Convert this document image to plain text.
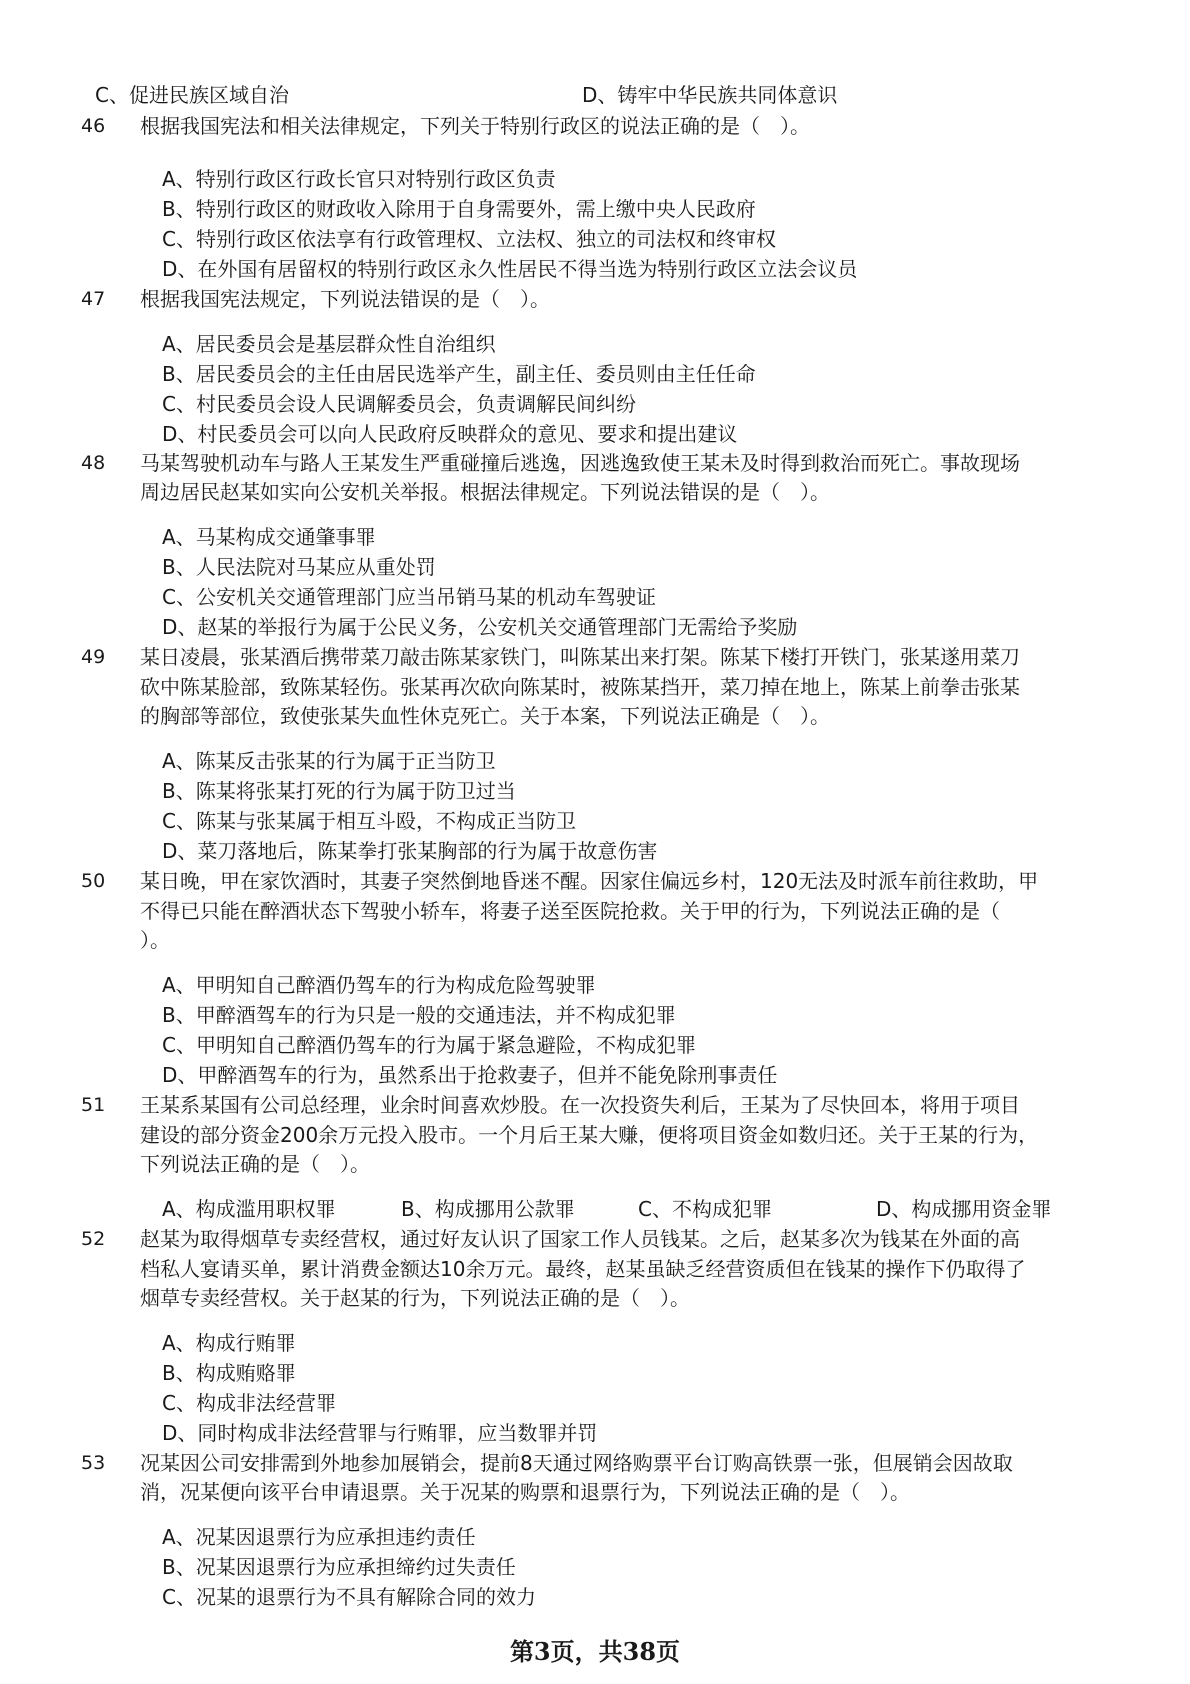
C、促进民族区域自治	D、铸牢中华民族共同体意识
46 根据我国宪法和相关法律规定，下列关于特别行政区的说法正确的是（　）。
A、特别行政区行政长官只对特别行政区负责
B、特别行政区的财政收入除用于自身需要外，需上缴中央人民政府
C、特别行政区依法享有行政管理权、立法权、独立的司法权和终审权
D、在外国有居留权的特别行政区永久性居民不得当选为特别行政区立法会议员
47 根据我国宪法规定，下列说法错误的是（　）。
A、居民委员会是基层群众性自治组织
B、居民委员会的主任由居民选举产生，副主任、委员则由主任任命
C、村民委员会设人民调解委员会，负责调解民间纠纷
D、村民委员会可以向人民政府反映群众的意见、要求和提出建议
48 马某驾驶机动车与路人王某发生严重碰撞后逃逸，因逃逸致使王某未及时得到救治而死亡。事故现场
周边居民赵某如实向公安机关举报。根据法律规定。下列说法错误的是（　）。
A、马某构成交通肇事罪
B、人民法院对马某应从重处罚
C、公安机关交通管理部门应当吊销马某的机动车驾驶证
D、赵某的举报行为属于公民义务，公安机关交通管理部门无需给予奖励
49 某日凌晨，张某酒后携带菜刀敲击陈某家铁门，叫陈某出来打架。陈某下楼打开铁门，张某遂用菜刀
砍中陈某脸部，致陈某轻伤。张某再次砍向陈某时，被陈某挡开，菜刀掉在地上，陈某上前拳击张某
的胸部等部位，致使张某失血性休克死亡。关于本案，下列说法正确是（　）。
A、陈某反击张某的行为属于正当防卫
B、陈某将张某打死的行为属于防卫过当
C、陈某与张某属于相互斗殴，不构成正当防卫
D、菜刀落地后，陈某拳打张某胸部的行为属于故意伤害
50 某日晚，甲在家饮酒时，其妻子突然倒地昏迷不醒。因家住偏远乡村，120无法及时派车前往救助，甲
不得已只能在醉酒状态下驾驶小轿车，将妻子送至医院抢救。关于甲的行为，下列说法正确的是（
）。
A、甲明知自己醉酒仍驾车的行为构成危险驾驶罪
B、甲醉酒驾车的行为只是一般的交通违法，并不构成犯罪
C、甲明知自己醉酒仍驾车的行为属于紧急避险，不构成犯罪
D、甲醉酒驾车的行为，虽然系出于抢救妻子，但并不能免除刑事责任
51 王某系某国有公司总经理，业余时间喜欢炒股。在一次投资失利后，王某为了尽快回本，将用于项目
建设的部分资金200余万元投入股市。一个月后王某大赚，便将项目资金如数归还。关于王某的行为，
下列说法正确的是（　）。
A、构成滥用职权罪	B、构成挪用公款罪	C、不构成犯罪	D、构成挪用资金罪
52 赵某为取得烟草专卖经营权，通过好友认识了国家工作人员钱某。之后，赵某多次为钱某在外面的高
档私人宴请买单，累计消费金额达10余万元。最终，赵某虽缺乏经营资质但在钱某的操作下仍取得了
烟草专卖经营权。关于赵某的行为，下列说法正确的是（　）。
A、构成行贿罪
B、构成贿赂罪
C、构成非法经营罪
D、同时构成非法经营罪与行贿罪，应当数罪并罚
53 况某因公司安排需到外地参加展销会，提前8天通过网络购票平台订购高铁票一张，但展销会因故取
消，况某便向该平台申请退票。关于况某的购票和退票行为，下列说法正确的是（　）。
A、况某因退票行为应承担违约责任
B、况某因退票行为应承担缔约过失责任
C、况某的退票行为不具有解除合同的效力
第3页，共38页
